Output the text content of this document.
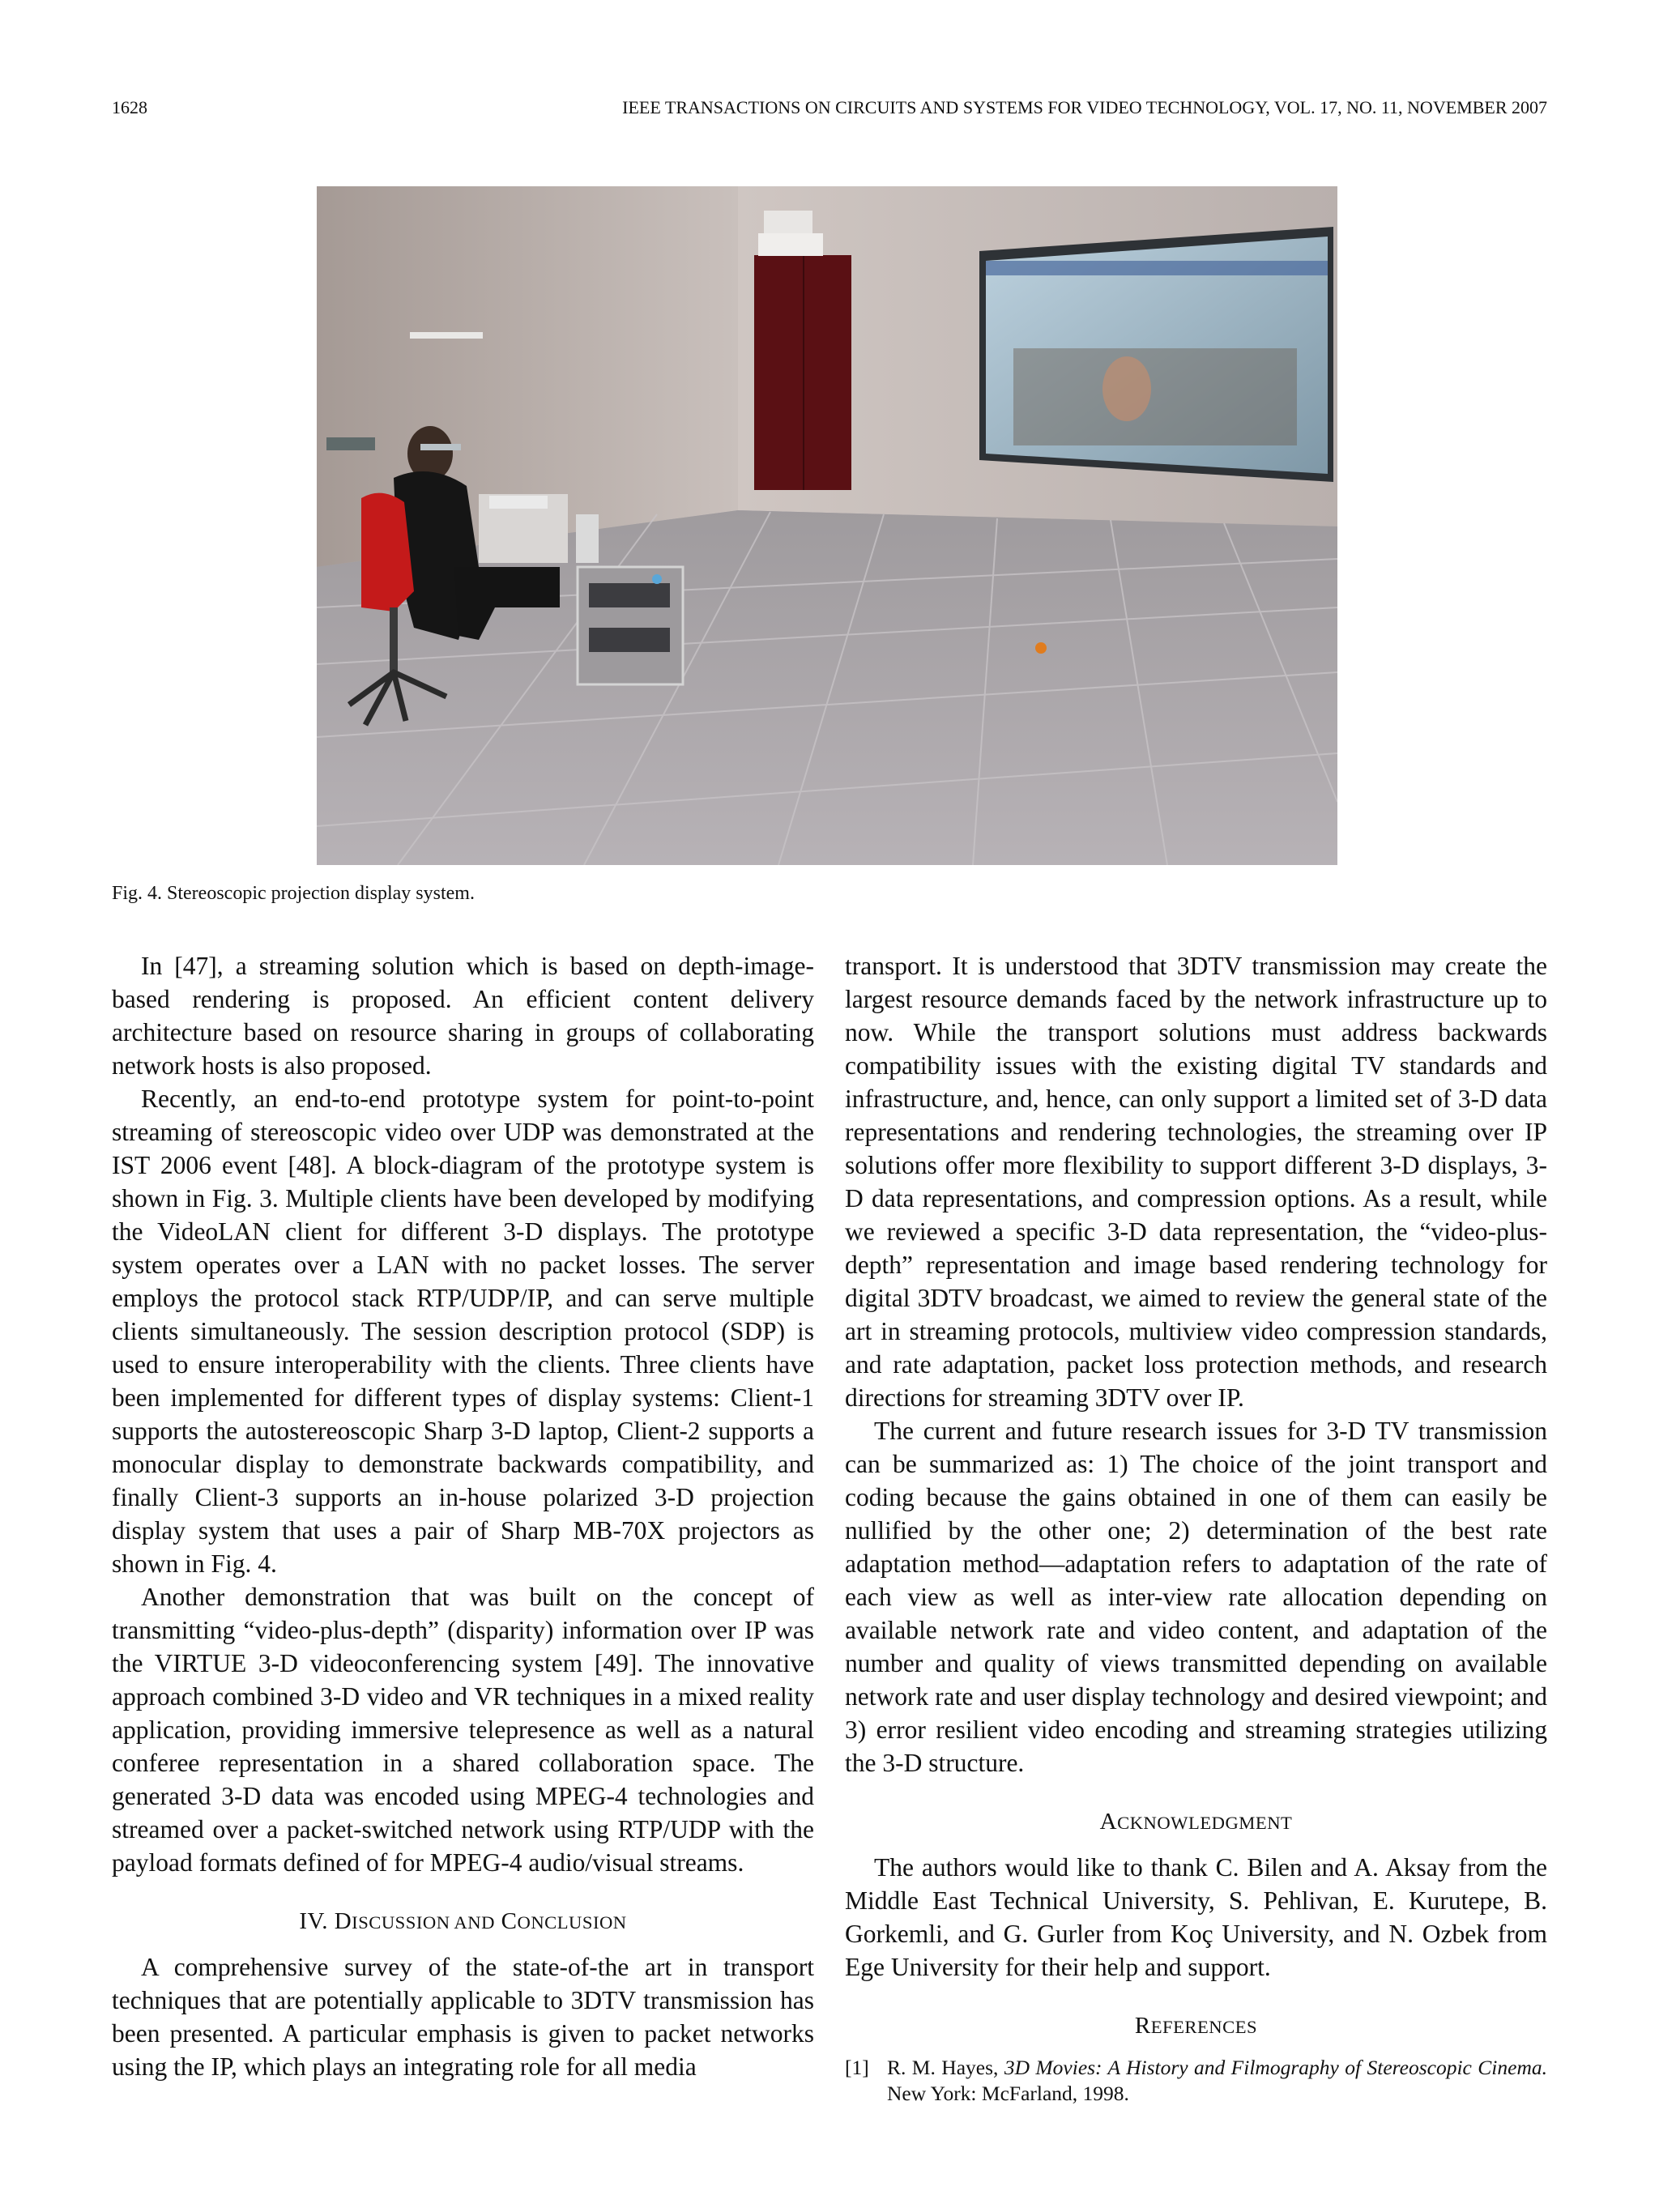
1628	IEEE TRANSACTIONS ON CIRCUITS AND SYSTEMS FOR VIDEO TECHNOLOGY, VOL. 17, NO. 11, NOVEMBER 2007
Fig. 4. Stereoscopic projection display system.

In [47], a streaming solution which is based on depth-image-based rendering is proposed. An efficient content delivery architecture based on resource sharing in groups of collaborating network hosts is also proposed.

Recently, an end-to-end prototype system for point-to-point streaming of stereoscopic video over UDP was demonstrated at the IST 2006 event [48]. A block-diagram of the prototype system is shown in Fig. 3. Multiple clients have been developed by modifying the VideoLAN client for different 3-D displays. The prototype system operates over a LAN with no packet losses. The server employs the protocol stack RTP/UDP/IP, and can serve multiple clients simultaneously. The session description protocol (SDP) is used to ensure interoperability with the clients. Three clients have been implemented for different types of display systems: Client-1 supports the autostereoscopic Sharp 3-D laptop, Client-2 supports a monocular display to demonstrate backwards compatibility, and finally Client-3 supports an in-house polarized 3-D projection display system that uses a pair of Sharp MB-70X projectors as shown in Fig. 4.

Another demonstration that was built on the concept of transmitting “video-plus-depth” (disparity) information over IP was the VIRTUE 3-D videoconferencing system [49]. The innovative approach combined 3-D video and VR techniques in a mixed reality application, providing immersive telepresence as well as a natural conferee representation in a shared collaboration space. The generated 3-D data was encoded using MPEG-4 technologies and streamed over a packet-switched network using RTP/UDP with the payload formats defined of for MPEG-4 audio/visual streams.

IV. DISCUSSION AND CONCLUSION

A comprehensive survey of the state-of-the art in transport techniques that are potentially applicable to 3DTV transmission has been presented. A particular emphasis is given to packet networks using the IP, which plays an integrating role for all media

transport. It is understood that 3DTV transmission may create the largest resource demands faced by the network infrastructure up to now. While the transport solutions must address backwards compatibility issues with the existing digital TV standards and infrastructure, and, hence, can only support a limited set of 3-D data representations and rendering technologies, the streaming over IP solutions offer more flexibility to support different 3-D displays, 3-D data representations, and compression options. As a result, while we reviewed a specific 3-D data representation, the “video-plus-depth” representation and image based rendering technology for digital 3DTV broadcast, we aimed to review the general state of the art in streaming protocols, multiview video compression standards, and rate adaptation, packet loss protection methods, and research directions for streaming 3DTV over IP.

The current and future research issues for 3-D TV transmission can be summarized as: 1) The choice of the joint transport and coding because the gains obtained in one of them can easily be nullified by the other one; 2) determination of the best rate adaptation method—adaptation refers to adaptation of the rate of each view as well as inter-view rate allocation depending on available network rate and video content, and adaptation of the number and quality of views transmitted depending on available network rate and user display technology and desired viewpoint; and 3) error resilient video encoding and streaming strategies utilizing the 3-D structure.

ACKNOWLEDGMENT

The authors would like to thank C. Bilen and A. Aksay from the Middle East Technical University, S. Pehlivan, E. Kurutepe, B. Gorkemli, and G. Gurler from Koç University, and N. Ozbek from Ege University for their help and support.

REFERENCES
[1] R. M. Hayes, 3D Movies: A History and Filmography of Stereoscopic Cinema. New York: McFarland, 1998.
